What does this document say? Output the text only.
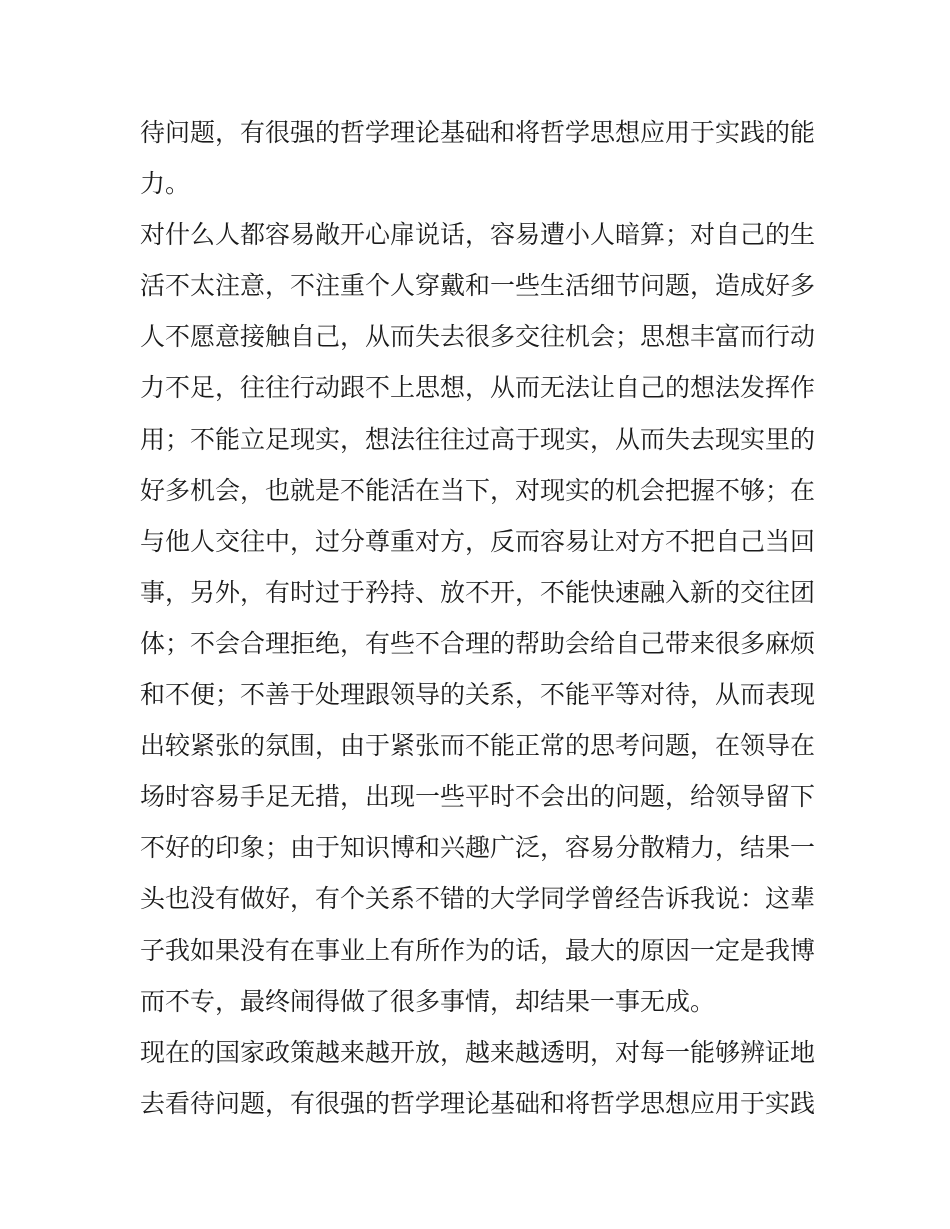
待问题，有很强的哲学理论基础和将哲学思想应用于实践的能
力。
对什么人都容易敞开心扉说话，容易遭小人暗算；对自己的生
活不太注意，不注重个人穿戴和一些生活细节问题，造成好多
人不愿意接触自己，从而失去很多交往机会；思想丰富而行动
力不足，往往行动跟不上思想，从而无法让自己的想法发挥作
用；不能立足现实，想法往往过高于现实，从而失去现实里的
好多机会，也就是不能活在当下，对现实的机会把握不够；在
与他人交往中，过分尊重对方，反而容易让对方不把自己当回
事，另外，有时过于矜持、放不开，不能快速融入新的交往团
体；不会合理拒绝，有些不合理的帮助会给自己带来很多麻烦
和不便；不善于处理跟领导的关系，不能平等对待，从而表现
出较紧张的氛围，由于紧张而不能正常的思考问题，在领导在
场时容易手足无措，出现一些平时不会出的问题，给领导留下
不好的印象；由于知识博和兴趣广泛，容易分散精力，结果一
头也没有做好，有个关系不错的大学同学曾经告诉我说：这辈
子我如果没有在事业上有所作为的话，最大的原因一定是我博
而不专，最终闹得做了很多事情，却结果一事无成。
现在的国家政策越来越开放，越来越透明，对每一能够辨证地
去看待问题，有很强的哲学理论基础和将哲学思想应用于实践
